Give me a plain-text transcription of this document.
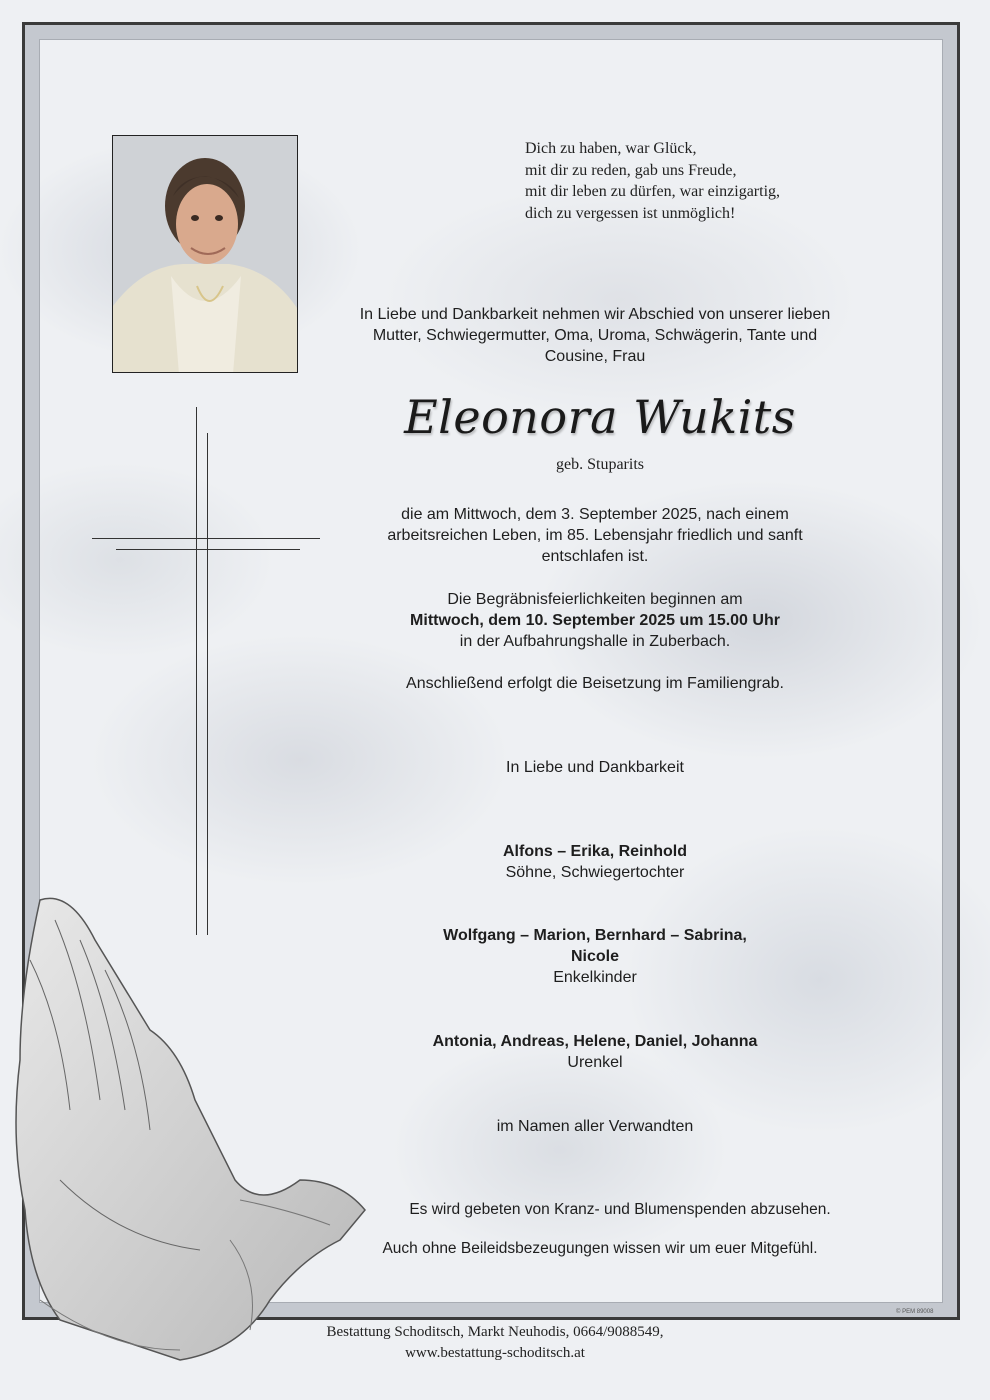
Dich zu haben, war Glück,
mit dir zu reden, gab uns Freude,
mit dir leben zu dürfen, war einzigartig,
dich zu vergessen ist unmöglich!
In Liebe und Dankbarkeit nehmen wir Abschied von unserer lieben
Mutter, Schwiegermutter, Oma, Uroma, Schwägerin, Tante und
Cousine, Frau
Eleonora Wukits
geb. Stuparits
die am Mittwoch, dem 3. September 2025, nach einem
arbeitsreichen Leben, im 85. Lebensjahr friedlich und sanft
entschlafen ist.
Die Begräbnisfeierlichkeiten beginnen am
Mittwoch, dem 10. September 2025 um 15.00 Uhr
in der Aufbahrungshalle in Zuberbach.
Anschließend erfolgt die Beisetzung im Familiengrab.
In Liebe und Dankbarkeit
Alfons – Erika, Reinhold
Söhne, Schwiegertochter
Wolfgang – Marion, Bernhard – Sabrina,
Nicole
Enkelkinder
Antonia, Andreas, Helene, Daniel, Johanna
Urenkel
im Namen aller Verwandten
Es wird gebeten von Kranz- und Blumenspenden abzusehen.
Auch ohne Beileidsbezeugungen wissen wir um euer Mitgefühl.
© PEM 89008
Bestattung Schoditsch, Markt Neuhodis, 0664/9088549,
www.bestattung-schoditsch.at
